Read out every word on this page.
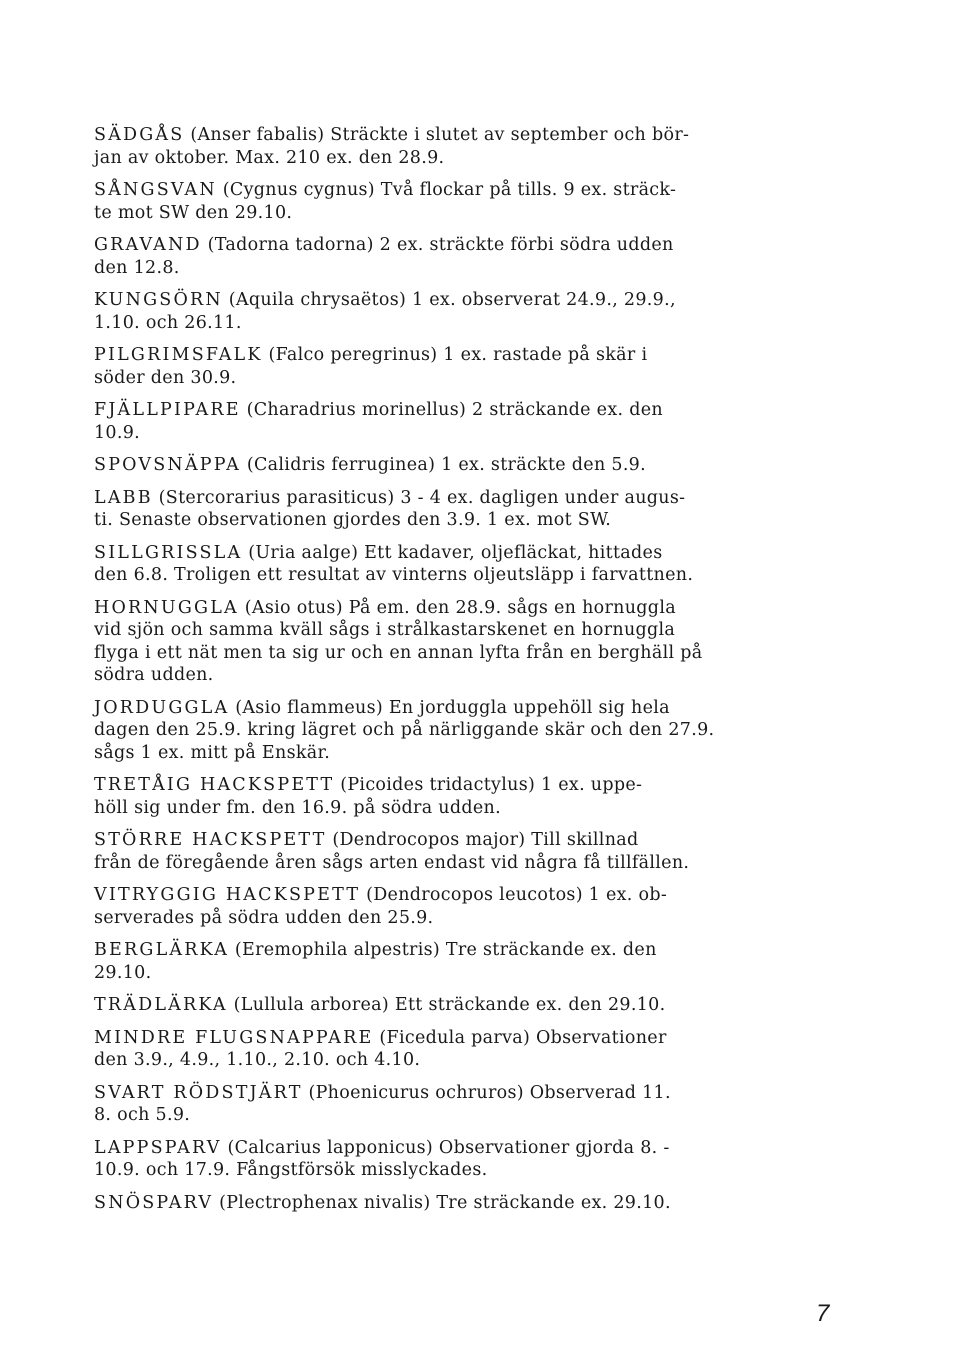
SÄDGÅS (Anser fabalis) Sträckte i slutet av september och bör-

jan av oktober. Max. 210 ex. den 28.9.

SÅNGSVAN (Cygnus cygnus) Två flockar på tills. 9 ex. sträck-

te mot SW den 29.10.

GRAVAND (Tadorna tadorna) 2 ex. sträckte förbi södra udden

den 12.8.

KUNGSÖRN (Aquila chrysaëtos) 1 ex. observerat 24.9., 29.9.,

1.10. och 26.11.

PILGRIMSFALK (Falco peregrinus) 1 ex. rastade på skär i

söder den 30.9.

FJÄLLPIPARE (Charadrius morinellus) 2 sträckande ex. den

10.9.

SPOVSNÄPPA (Calidris ferruginea) 1 ex. sträckte den 5.9.

LABB (Stercorarius parasiticus) 3 - 4 ex. dagligen under augus-

ti. Senaste observationen gjordes den 3.9. 1 ex. mot SW.

SILLGRISSLA (Uria aalge) Ett kadaver, oljefläckat, hittades

den 6.8. Troligen ett resultat av vinterns oljeutsläpp i farvattnen.

HORNUGGLA (Asio otus) På em. den 28.9. sågs en hornuggla

vid sjön och samma kväll sågs i strålkastarskenet en hornuggla

flyga i ett nät men ta sig ur och en annan lyfta från en berghäll på

södra udden.

JORDUGGLA (Asio flammeus) En jorduggla uppehöll sig hela

dagen den 25.9. kring lägret och på närliggande skär och den 27.9.

sågs 1 ex. mitt på Enskär.

TRETÅIG HACKSPETT (Picoides tridactylus) 1 ex. uppe-

höll sig under fm. den 16.9. på södra udden.

STÖRRE HACKSPETT (Dendrocopos major) Till skillnad

från de föregående åren sågs arten endast vid några få tillfällen.

VITRYGGIG HACKSPETT (Dendrocopos leucotos) 1 ex. ob-

serverades på södra udden den 25.9.

BERGLÄRKA (Eremophila alpestris) Tre sträckande ex. den

29.10.

TRÄDLÄRKA (Lullula arborea) Ett sträckande ex. den 29.10.

MINDRE FLUGSNAPPARE (Ficedula parva) Observationer

den 3.9., 4.9., 1.10., 2.10. och 4.10.

SVART RÖDSTJÄRT (Phoenicurus ochruros) Observerad 11.

8. och 5.9.

LAPPSPARV (Calcarius lapponicus) Observationer gjorda 8. -

10.9. och 17.9. Fångstförsök misslyckades.

SNÖSPARV (Plectrophenax nivalis) Tre sträckande ex. 29.10.

7
